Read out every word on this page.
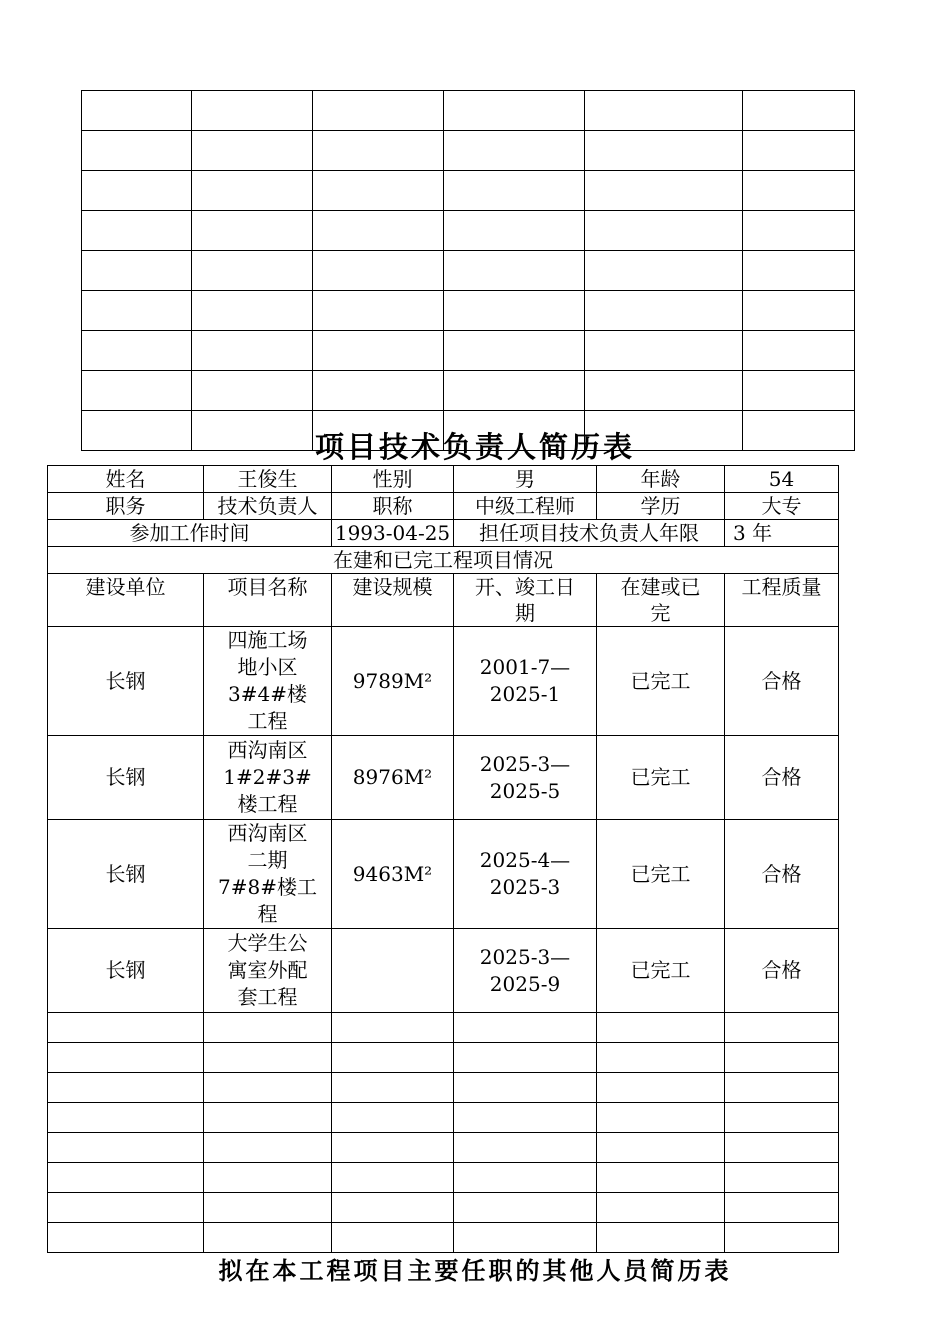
项目技术负责人简历表
姓名	王俊生	性别	男	年龄	54
职务	技术负责人	职称	中级工程师	学历	大专
参加工作时间		1993-04-25	担任项目技术负责人年限		3 年
在建和已完工程项目情况					
建设单位	项目名称	建设规模	开、竣工日期	在建或已完	工程质量
长钢	四施工场地小区3#4#楼工程	9789M²	2001-7—2025-1	已完工	合格
长钢	西沟南区1#2#3#楼工程	8976M²	2025-3—2025-5	已完工	合格
长钢	西沟南区二期 7#8#楼工程	9463M²	2025-4—2025-3	已完工	合格
长钢	大学生公寓室外配套工程		2025-3—2025-9	已完工	合格

拟在本工程项目主要任职的其他人员简历表
